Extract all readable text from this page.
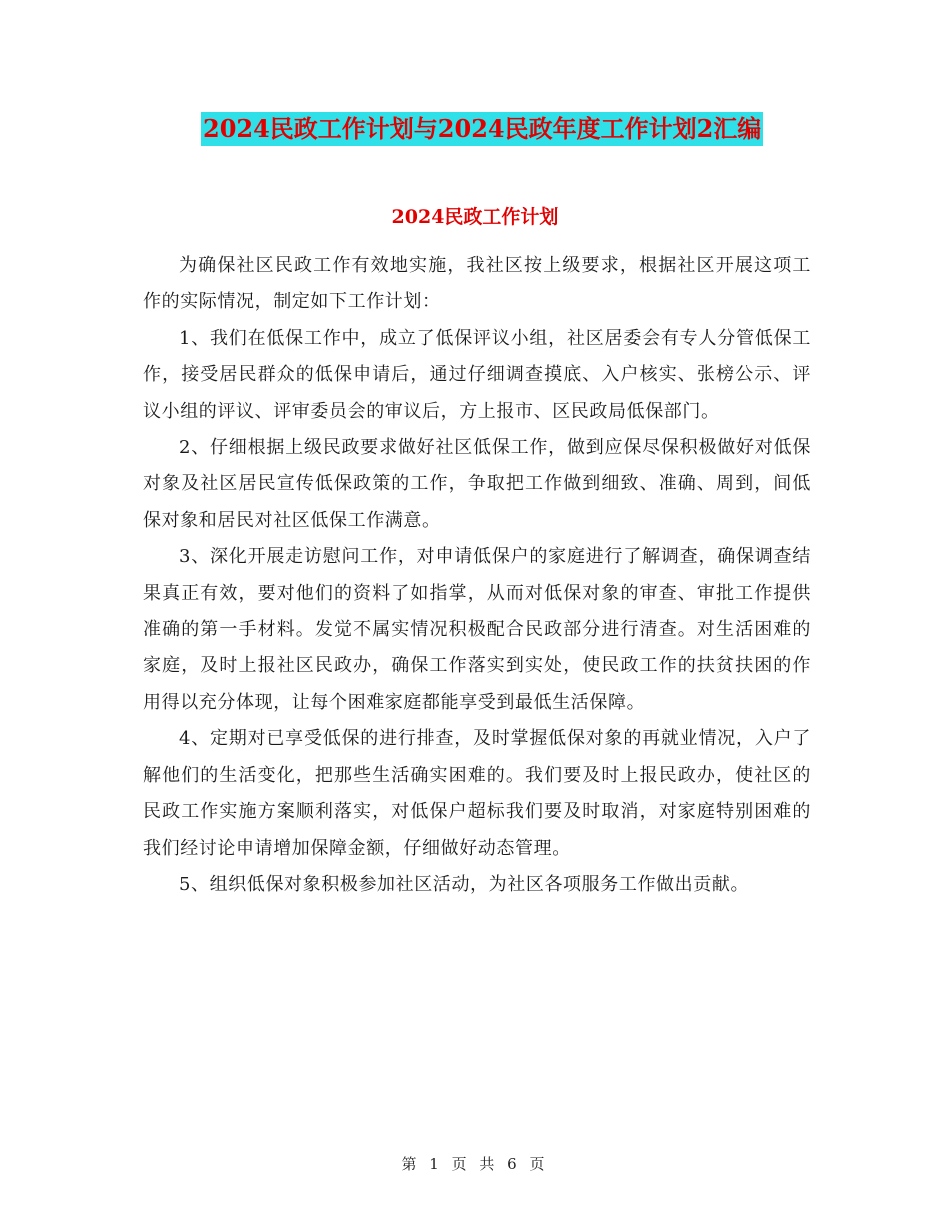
2024民政工作计划与2024民政年度工作计划2汇编
2024民政工作计划

为确保社区民政工作有效地实施，我社区按上级要求，根据社区开展这项工作的实际情况，制定如下工作计划：

1、我们在低保工作中，成立了低保评议小组，社区居委会有专人分管低保工作，接受居民群众的低保申请后，通过仔细调查摸底、入户核实、张榜公示、评议小组的评议、评审委员会的审议后，方上报市、区民政局低保部门。

2、仔细根据上级民政要求做好社区低保工作，做到应保尽保积极做好对低保对象及社区居民宣传低保政策的工作，争取把工作做到细致、准确、周到，间低保对象和居民对社区低保工作满意。

3、深化开展走访慰问工作，对申请低保户的家庭进行了解调查，确保调查结果真正有效，要对他们的资料了如指掌，从而对低保对象的审查、审批工作提供准确的第一手材料。发觉不属实情况积极配合民政部分进行清查。对生活困难的家庭，及时上报社区民政办，确保工作落实到实处，使民政工作的扶贫扶困的作用得以充分体现，让每个困难家庭都能享受到最低生活保障。

4、定期对已享受低保的进行排查，及时掌握低保对象的再就业情况，入户了解他们的生活变化，把那些生活确实困难的。我们要及时上报民政办，使社区的民政工作实施方案顺利落实，对低保户超标我们要及时取消，对家庭特别困难的我们经讨论申请增加保障金额，仔细做好动态管理。

5、组织低保对象积极参加社区活动，为社区各项服务工作做出贡献。

第 1 页 共 6 页
